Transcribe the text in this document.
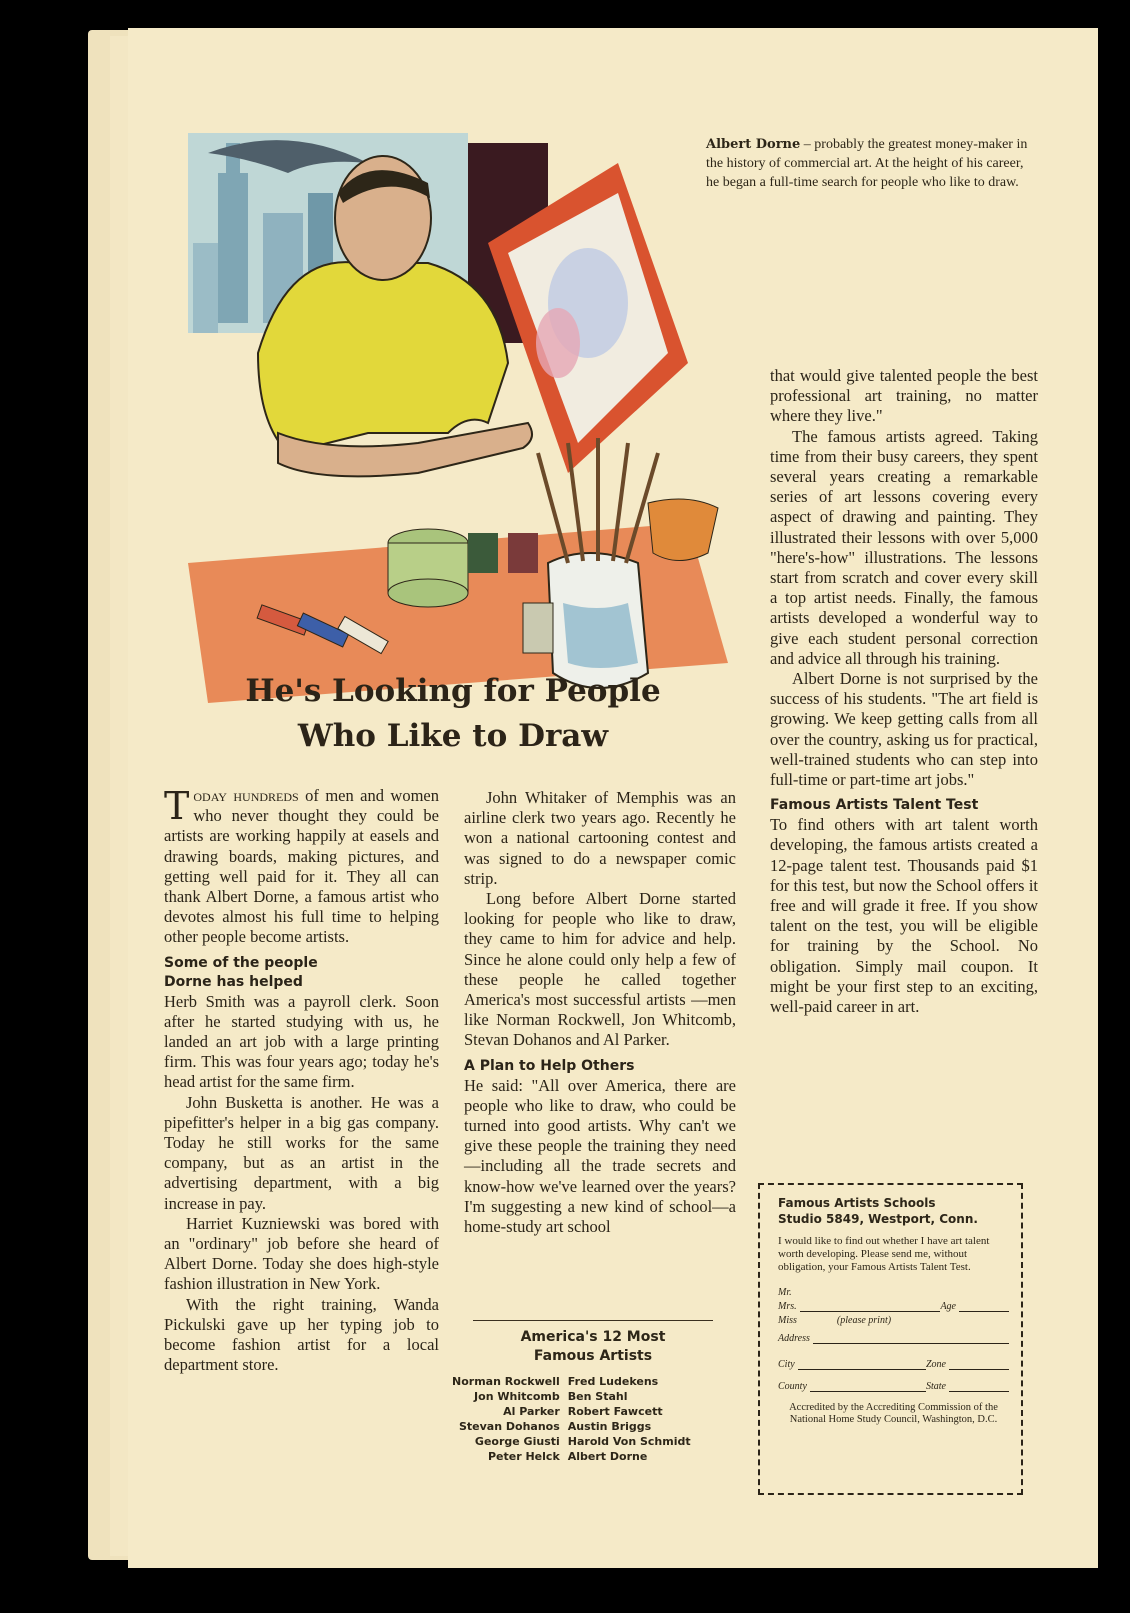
Albert Dorne – probably the greatest money-maker in the history of commercial art. At the height of his career, he began a full-time search for people who like to draw.
He's Looking for People
Who Like to Draw

Today hundreds of men and women who never thought they could be artists are working happily at easels and drawing boards, making pictures, and getting well paid for it. They all can thank Albert Dorne, a famous artist who devotes almost his full time to helping other people become artists.

Some of the people
Dorne has helped

Herb Smith was a payroll clerk. Soon after he started studying with us, he landed an art job with a large printing firm. This was four years ago; today he's head artist for the same firm.

John Busketta is another. He was a pipefitter's helper in a big gas company. Today he still works for the same company, but as an artist in the advertising department, with a big increase in pay.

Harriet Kuzniewski was bored with an "ordinary" job before she heard of Albert Dorne. Today she does high-style fashion illustration in New York.

With the right training, Wanda Pickulski gave up her typing job to become fashion artist for a local department store.

John Whitaker of Memphis was an airline clerk two years ago. Recently he won a national cartooning contest and was signed to do a newspaper comic strip.

Long before Albert Dorne started looking for people who like to draw, they came to him for advice and help. Since he alone could only help a few of these people he called together America's most successful artists —men like Norman Rockwell, Jon Whitcomb, Stevan Dohanos and Al Parker.

A Plan to Help Others

He said: "All over America, there are people who like to draw, who could be turned into good artists. Why can't we give these people the training they need—including all the trade secrets and know-how we've learned over the years? I'm suggesting a new kind of school—a home-study art school

America's 12 Most
Famous Artists
Norman Rockwell	Fred Ludekens
Jon Whitcomb	Ben Stahl
Al Parker	Robert Fawcett
Stevan Dohanos	Austin Briggs
George Giusti	Harold Von Schmidt
Peter Helck	Albert Dorne

that would give talented people the best professional art training, no matter where they live."

The famous artists agreed. Taking time from their busy careers, they spent several years creating a remarkable series of art lessons covering every aspect of drawing and painting. They illustrated their lessons with over 5,000 "here's-how" illustrations. The lessons start from scratch and cover every skill a top artist needs. Finally, the famous artists developed a wonderful way to give each student personal correction and advice all through his training.

Albert Dorne is not surprised by the success of his students. "The art field is growing. We keep getting calls from all over the country, asking us for practical, well-trained students who can step into full-time or part-time art jobs."

Famous Artists Talent Test

To find others with art talent worth developing, the famous artists created a 12-page talent test. Thousands paid $1 for this test, but now the School offers it free and will grade it free. If you show talent on the test, you will be eligible for training by the School. No obligation. Simply mail coupon. It might be your first step to an exciting, well-paid career in art.

Famous Artists Schools
Studio 5849, Westport, Conn.
I would like to find out whether I have art talent worth developing. Please send me, without obligation, your Famous Artists Talent Test.
Mr.
Mrs.	Age
Miss	(please print)
Address
City	Zone
County	State
Accredited by the Accrediting Commission of the National Home Study Council, Washington, D.C.
